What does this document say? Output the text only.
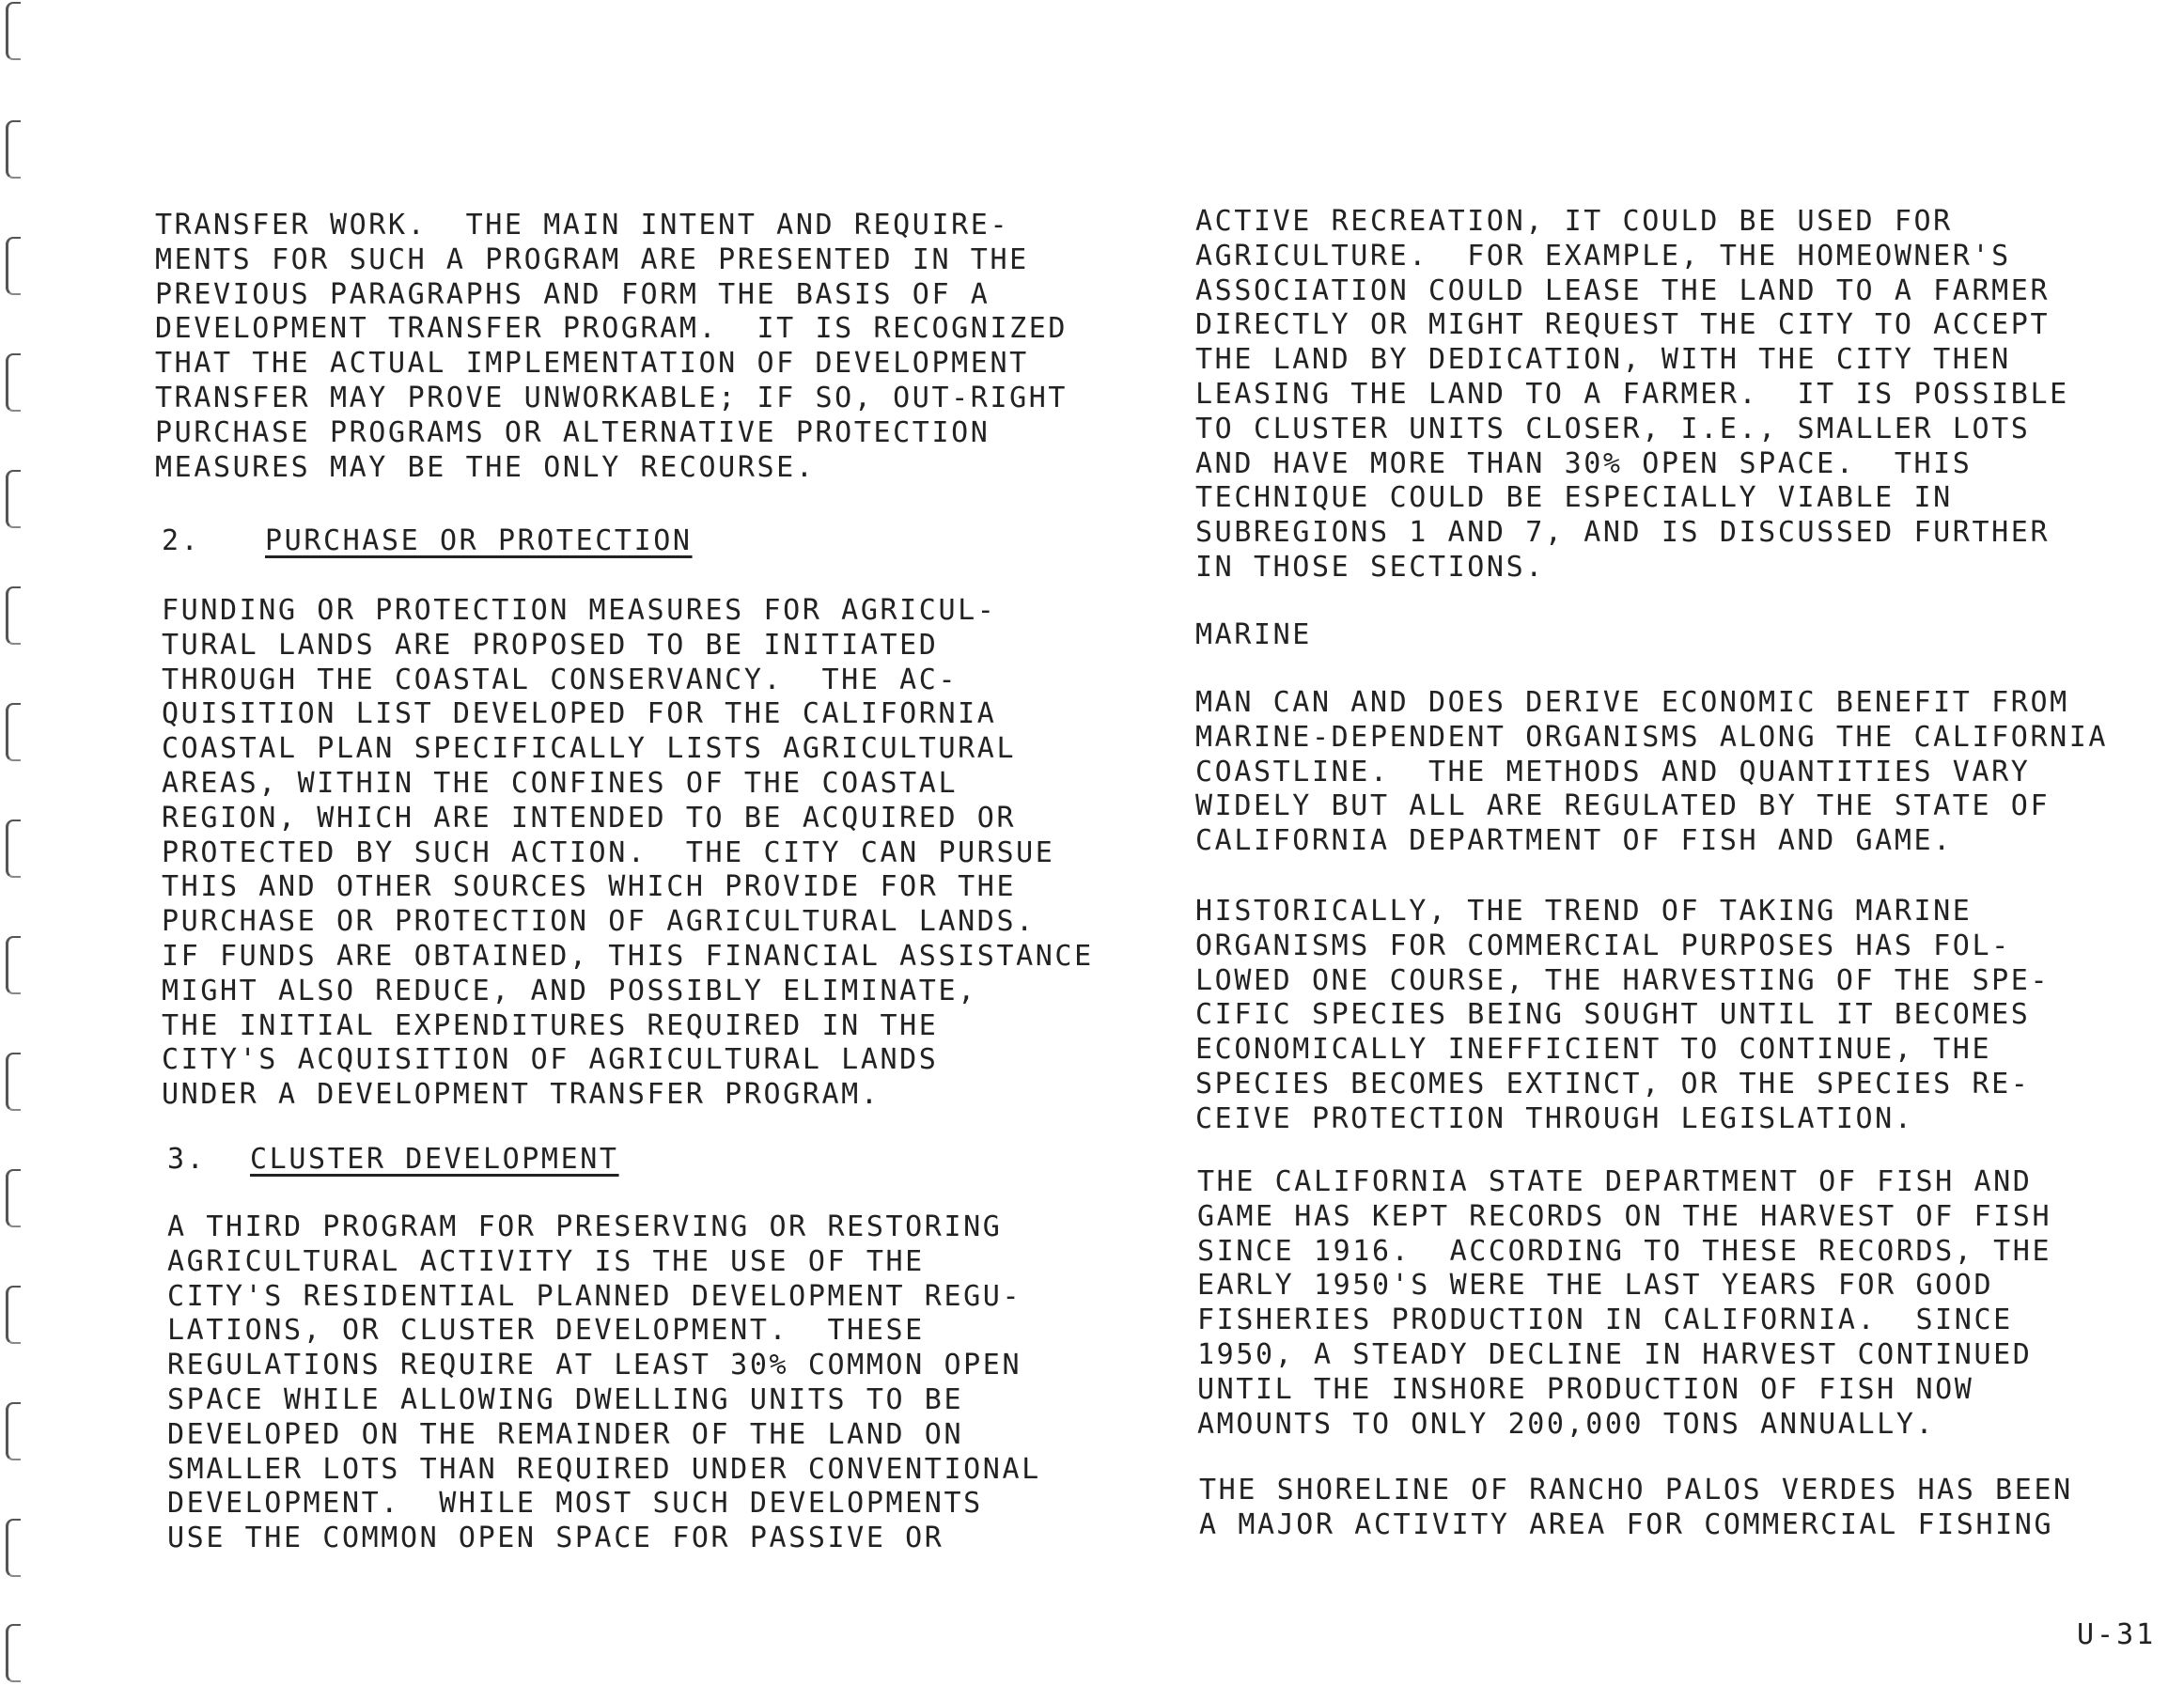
TRANSFER WORK.  THE MAIN INTENT AND REQUIRE-

MENTS FOR SUCH A PROGRAM ARE PRESENTED IN THE

PREVIOUS PARAGRAPHS AND FORM THE BASIS OF A

DEVELOPMENT TRANSFER PROGRAM.  IT IS RECOGNIZED

THAT THE ACTUAL IMPLEMENTATION OF DEVELOPMENT

TRANSFER MAY PROVE UNWORKABLE; IF SO, OUT-RIGHT

PURCHASE PROGRAMS OR ALTERNATIVE PROTECTION

MEASURES MAY BE THE ONLY RECOURSE.

2. PURCHASE OR PROTECTION

FUNDING OR PROTECTION MEASURES FOR AGRICUL-

TURAL LANDS ARE PROPOSED TO BE INITIATED

THROUGH THE COASTAL CONSERVANCY.  THE AC-

QUISITION LIST DEVELOPED FOR THE CALIFORNIA

COASTAL PLAN SPECIFICALLY LISTS AGRICULTURAL

AREAS, WITHIN THE CONFINES OF THE COASTAL

REGION, WHICH ARE INTENDED TO BE ACQUIRED OR

PROTECTED BY SUCH ACTION.  THE CITY CAN PURSUE

THIS AND OTHER SOURCES WHICH PROVIDE FOR THE

PURCHASE OR PROTECTION OF AGRICULTURAL LANDS.

IF FUNDS ARE OBTAINED, THIS FINANCIAL ASSISTANCE

MIGHT ALSO REDUCE, AND POSSIBLY ELIMINATE,

THE INITIAL EXPENDITURES REQUIRED IN THE

CITY'S ACQUISITION OF AGRICULTURAL LANDS

UNDER A DEVELOPMENT TRANSFER PROGRAM.

3. CLUSTER DEVELOPMENT

A THIRD PROGRAM FOR PRESERVING OR RESTORING

AGRICULTURAL ACTIVITY IS THE USE OF THE

CITY'S RESIDENTIAL PLANNED DEVELOPMENT REGU-

LATIONS, OR CLUSTER DEVELOPMENT.  THESE

REGULATIONS REQUIRE AT LEAST 30% COMMON OPEN

SPACE WHILE ALLOWING DWELLING UNITS TO BE

DEVELOPED ON THE REMAINDER OF THE LAND ON

SMALLER LOTS THAN REQUIRED UNDER CONVENTIONAL

DEVELOPMENT.  WHILE MOST SUCH DEVELOPMENTS

USE THE COMMON OPEN SPACE FOR PASSIVE OR

ACTIVE RECREATION, IT COULD BE USED FOR

AGRICULTURE.  FOR EXAMPLE, THE HOMEOWNER'S

ASSOCIATION COULD LEASE THE LAND TO A FARMER

DIRECTLY OR MIGHT REQUEST THE CITY TO ACCEPT

THE LAND BY DEDICATION, WITH THE CITY THEN

LEASING THE LAND TO A FARMER.  IT IS POSSIBLE

TO CLUSTER UNITS CLOSER, I.E., SMALLER LOTS

AND HAVE MORE THAN 30% OPEN SPACE.  THIS

TECHNIQUE COULD BE ESPECIALLY VIABLE IN

SUBREGIONS 1 AND 7, AND IS DISCUSSED FURTHER

IN THOSE SECTIONS.

MARINE

MAN CAN AND DOES DERIVE ECONOMIC BENEFIT FROM

MARINE-DEPENDENT ORGANISMS ALONG THE CALIFORNIA

COASTLINE.  THE METHODS AND QUANTITIES VARY

WIDELY BUT ALL ARE REGULATED BY THE STATE OF

CALIFORNIA DEPARTMENT OF FISH AND GAME.

HISTORICALLY, THE TREND OF TAKING MARINE

ORGANISMS FOR COMMERCIAL PURPOSES HAS FOL-

LOWED ONE COURSE, THE HARVESTING OF THE SPE-

CIFIC SPECIES BEING SOUGHT UNTIL IT BECOMES

ECONOMICALLY INEFFICIENT TO CONTINUE, THE

SPECIES BECOMES EXTINCT, OR THE SPECIES RE-

CEIVE PROTECTION THROUGH LEGISLATION.

THE CALIFORNIA STATE DEPARTMENT OF FISH AND

GAME HAS KEPT RECORDS ON THE HARVEST OF FISH

SINCE 1916.  ACCORDING TO THESE RECORDS, THE

EARLY 1950'S WERE THE LAST YEARS FOR GOOD

FISHERIES PRODUCTION IN CALIFORNIA.  SINCE

1950, A STEADY DECLINE IN HARVEST CONTINUED

UNTIL THE INSHORE PRODUCTION OF FISH NOW

AMOUNTS TO ONLY 200,000 TONS ANNUALLY.

THE SHORELINE OF RANCHO PALOS VERDES HAS BEEN

A MAJOR ACTIVITY AREA FOR COMMERCIAL FISHING

U-31
